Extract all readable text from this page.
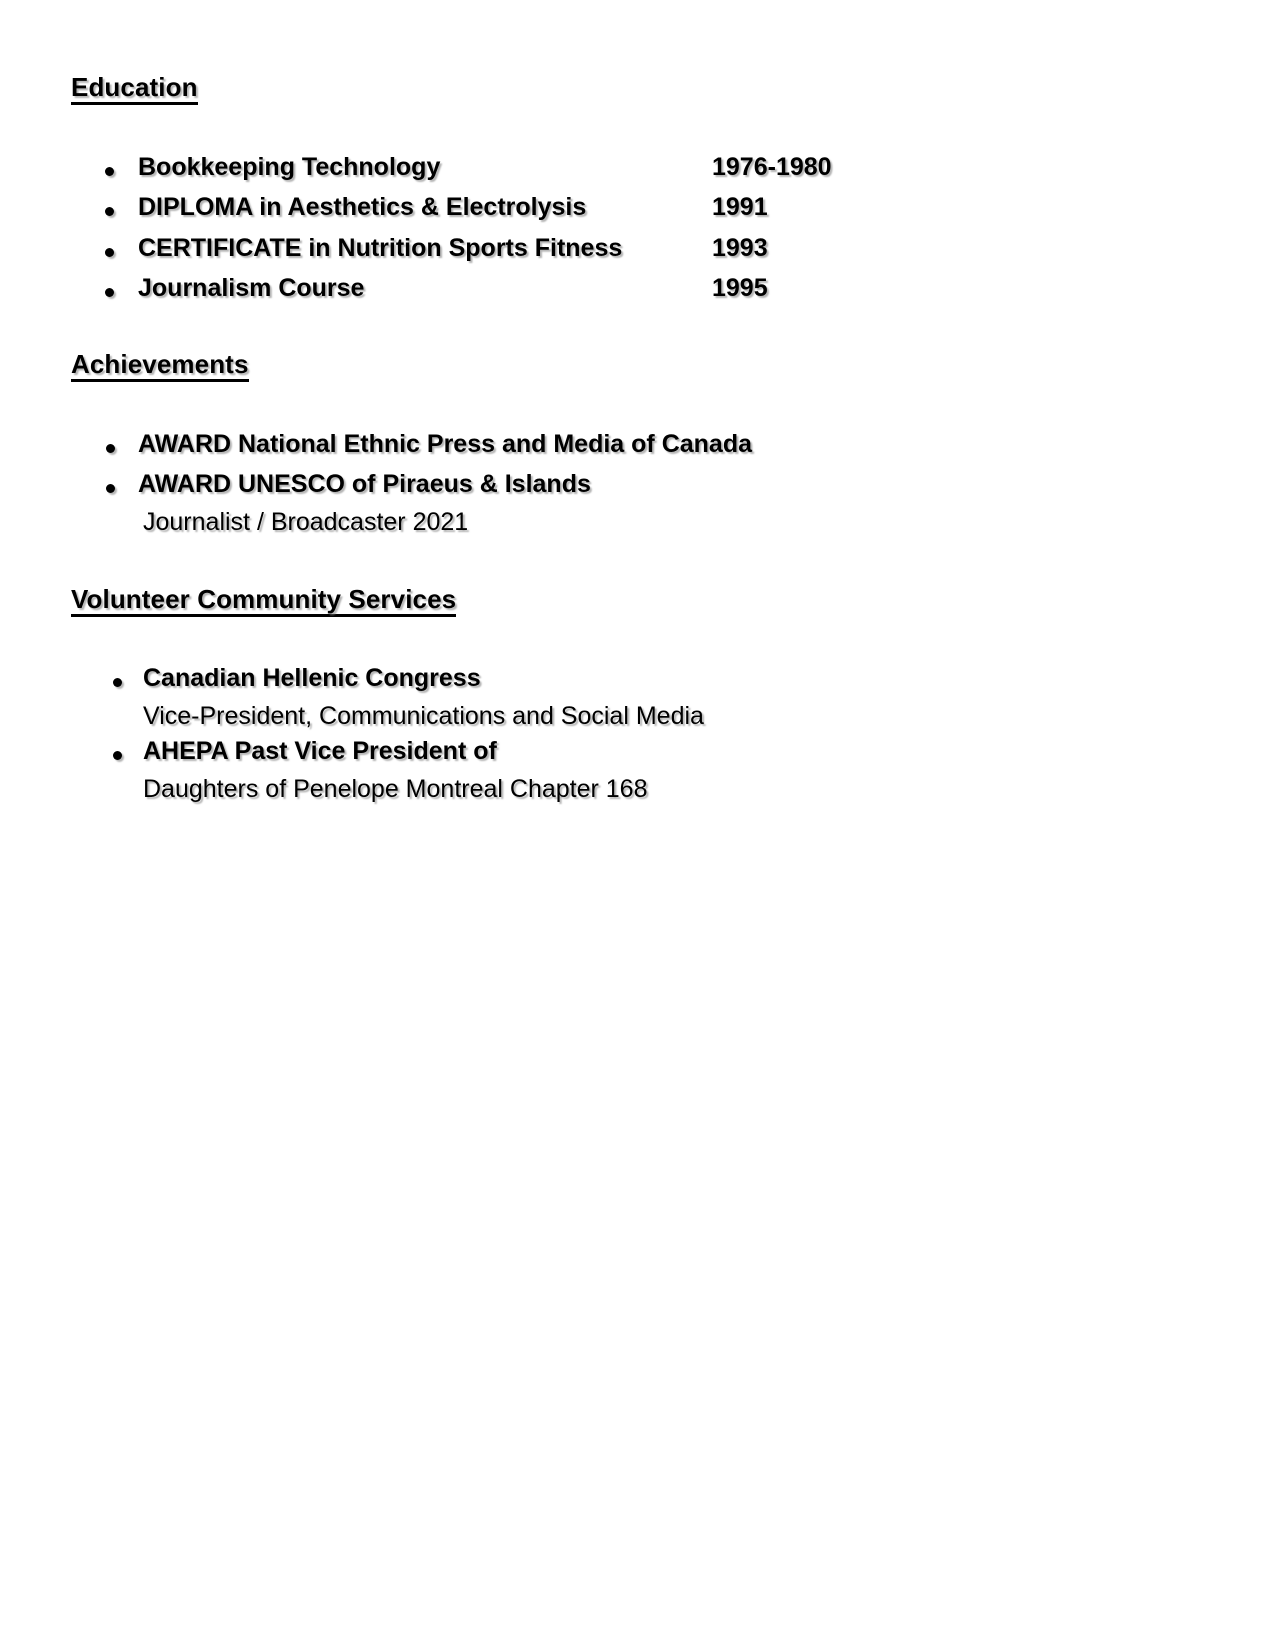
Education
Bookkeeping Technology	1976-1980
DIPLOMA in Aesthetics & Electrolysis	1991
CERTIFICATE in Nutrition Sports Fitness	1993
Journalism Course	1995
Achievements
AWARD National Ethnic Press and Media of Canada
AWARD UNESCO of Piraeus & Islands
Journalist / Broadcaster 2021
Volunteer Community Services
Canadian Hellenic Congress
Vice-President, Communications and Social Media
AHEPA Past Vice President of
Daughters of Penelope Montreal Chapter 168
